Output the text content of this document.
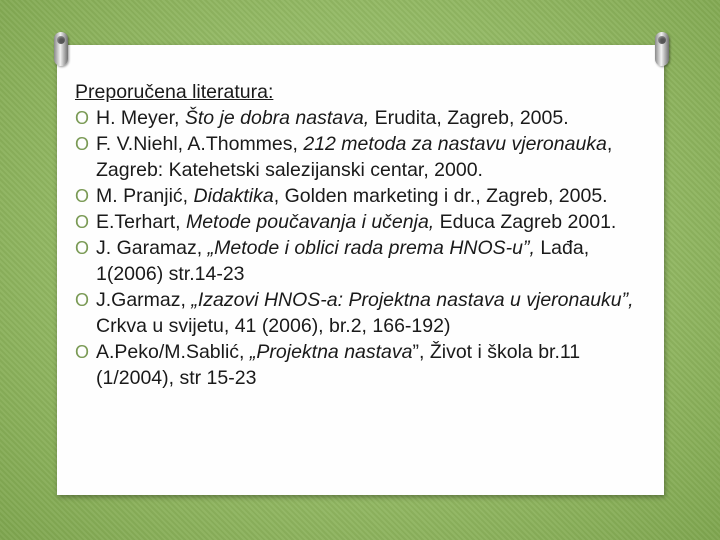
Preporučena literatura:

O H. Meyer, Što je dobra nastava, Erudita, Zagreb, 2005.
O F. V.Niehl, A.Thommes, 212 metoda za nastavu vjeronauka, Zagreb: Katehetski salezijanski centar, 2000.
O M. Pranjić, Didaktika, Golden marketing i dr., Zagreb, 2005.
O E.Terhart, Metode poučavanja i učenja, Educa Zagreb 2001.
O J. Garamaz, „Metode i oblici rada prema HNOS-u”, Lađa, 1(2006) str.14-23
O J.Garmaz, „Izazovi HNOS-a: Projektna nastava u vjeronauku”, Crkva u svijetu, 41 (2006), br.2, 166-192)
O A.Peko/M.Sablić, „Projektna nastava”, Život i škola br.11 (1/2004), str 15-23
